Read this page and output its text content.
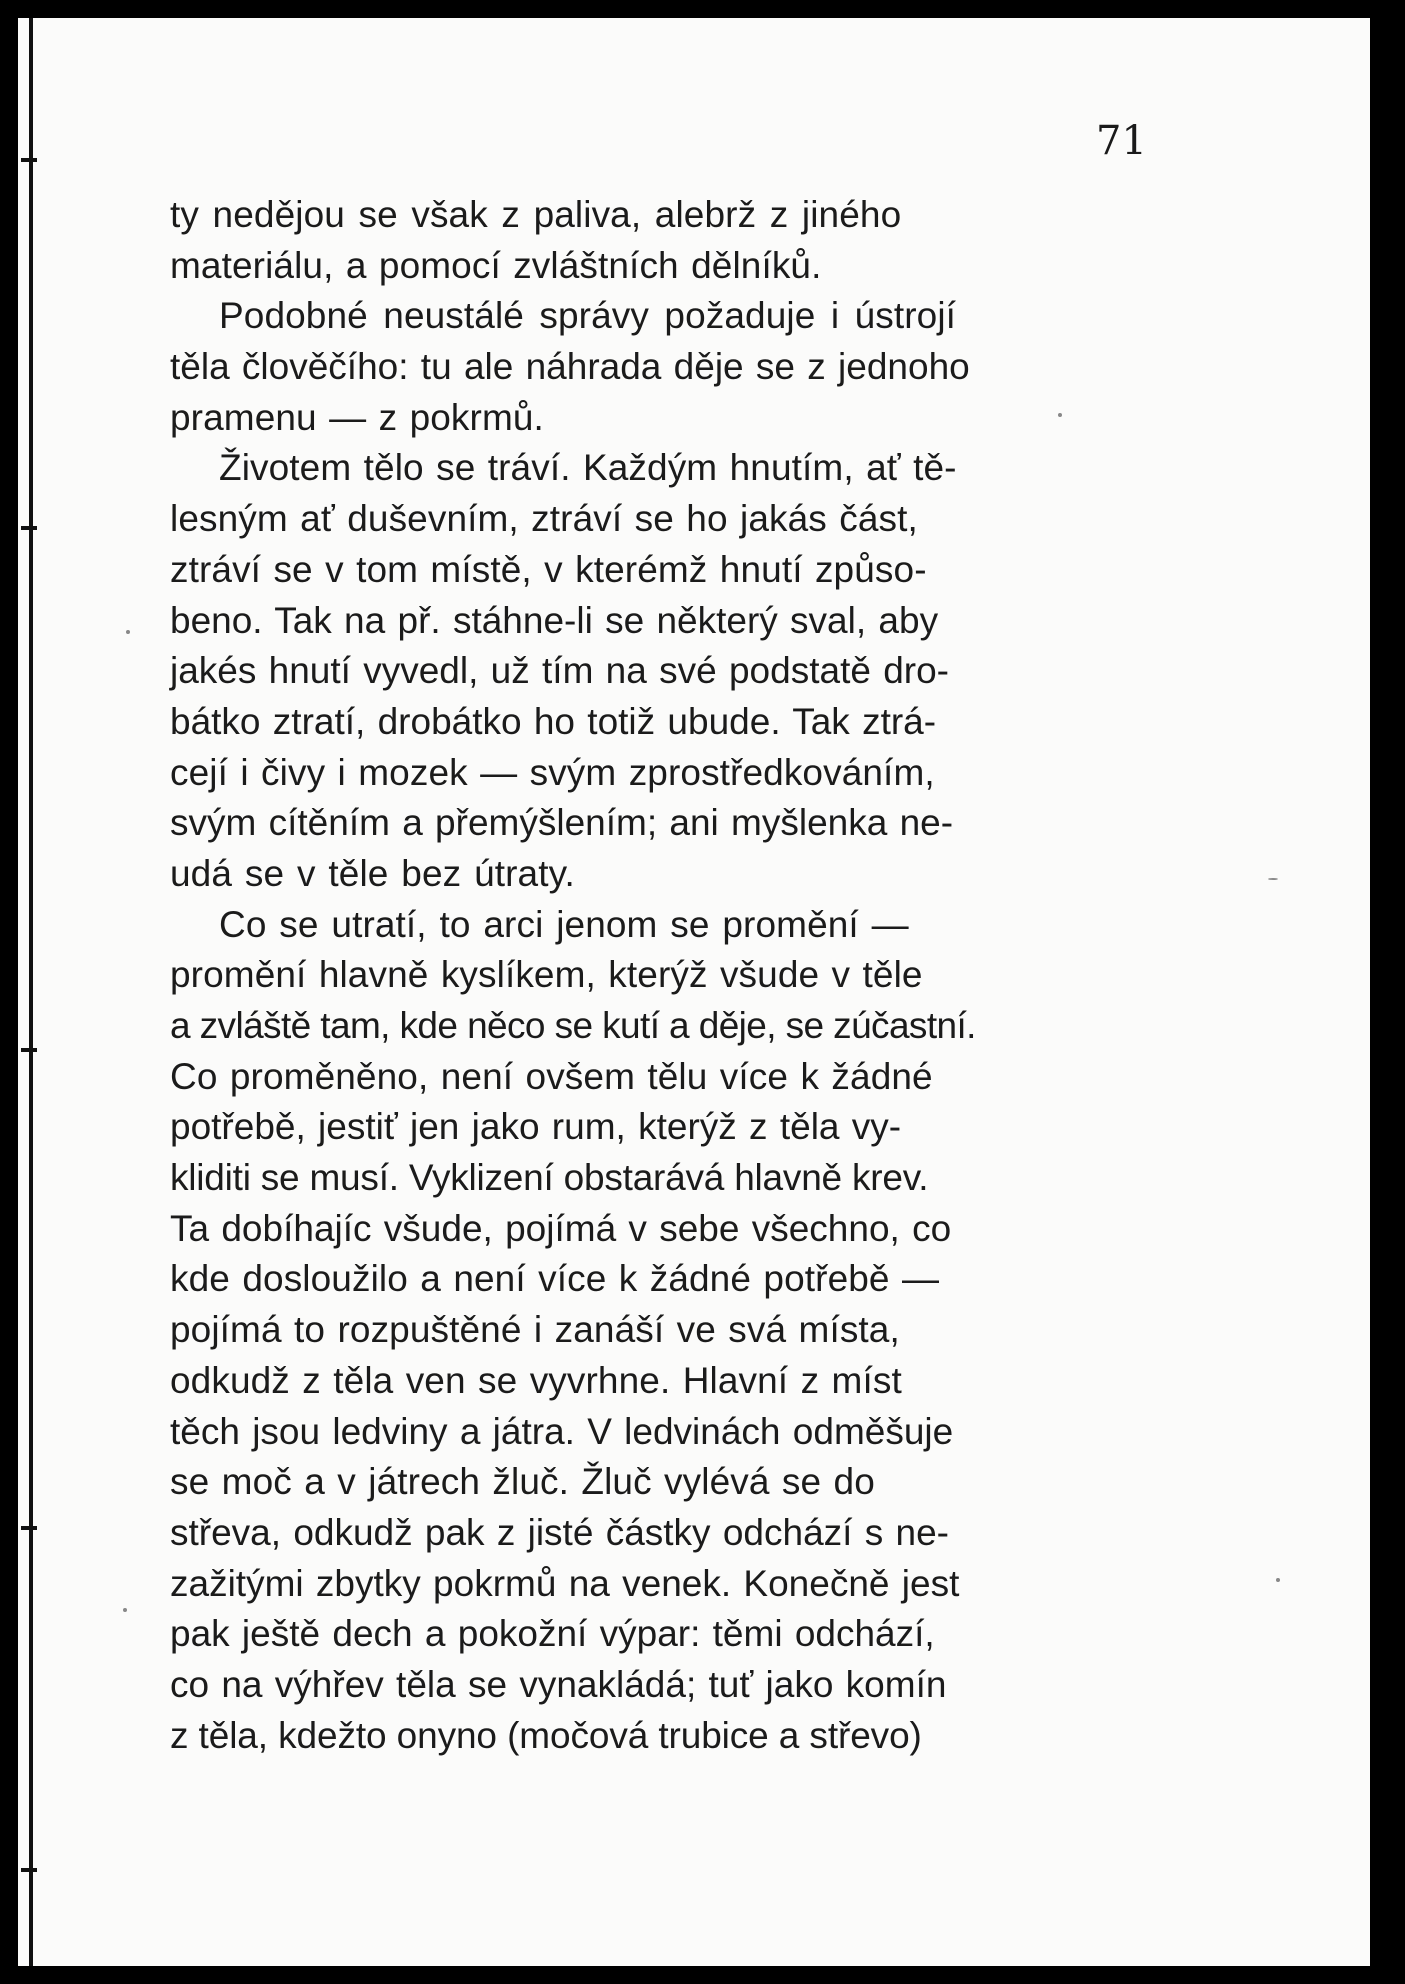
71
ty nedějou se však z paliva, alebrž z jiného
materiálu, a pomocí zvláštních dělníků.
Podobné neustálé správy požaduje i ústrojí
těla člověčího: tu ale náhrada děje se z jednoho
pramenu — z pokrmů.
Životem tělo se tráví. Každým hnutím, ať tě-
lesným ať duševním, ztráví se ho jakás část,
ztráví se v tom místě, v kterémž hnutí způso-
beno. Tak na př. stáhne-li se některý sval, aby
jakés hnutí vyvedl, už tím na své podstatě dro-
bátko ztratí, drobátko ho totiž ubude. Tak ztrá-
cejí i čivy i mozek — svým zprostředkováním,
svým cítěním a přemýšlením; ani myšlenka ne-
udá se v těle bez útraty.
Co se utratí, to arci jenom se promění —
promění hlavně kyslíkem, kterýž všude v těle
a zvláště tam, kde něco se kutí a děje, se zúčastní.
Co proměněno, není ovšem tělu více k žádné
potřebě, jestiť jen jako rum, kterýž z těla vy-
kliditi se musí. Vyklizení obstarává hlavně krev.
Ta dobíhajíc všude, pojímá v sebe všechno, co
kde dosloužilo a není více k žádné potřebě —
pojímá to rozpuštěné i zanáší ve svá místa,
odkudž z těla ven se vyvrhne. Hlavní z míst
těch jsou ledviny a játra. V ledvinách odměšuje
se moč a v játrech žluč. Žluč vylévá se do
střeva, odkudž pak z jisté částky odchází s ne-
zažitými zbytky pokrmů na venek. Konečně jest
pak ještě dech a pokožní výpar: těmi odchází,
co na výhřev těla se vynakládá; tuť jako komín
z těla, kdežto onyno (močová trubice a střevo)
